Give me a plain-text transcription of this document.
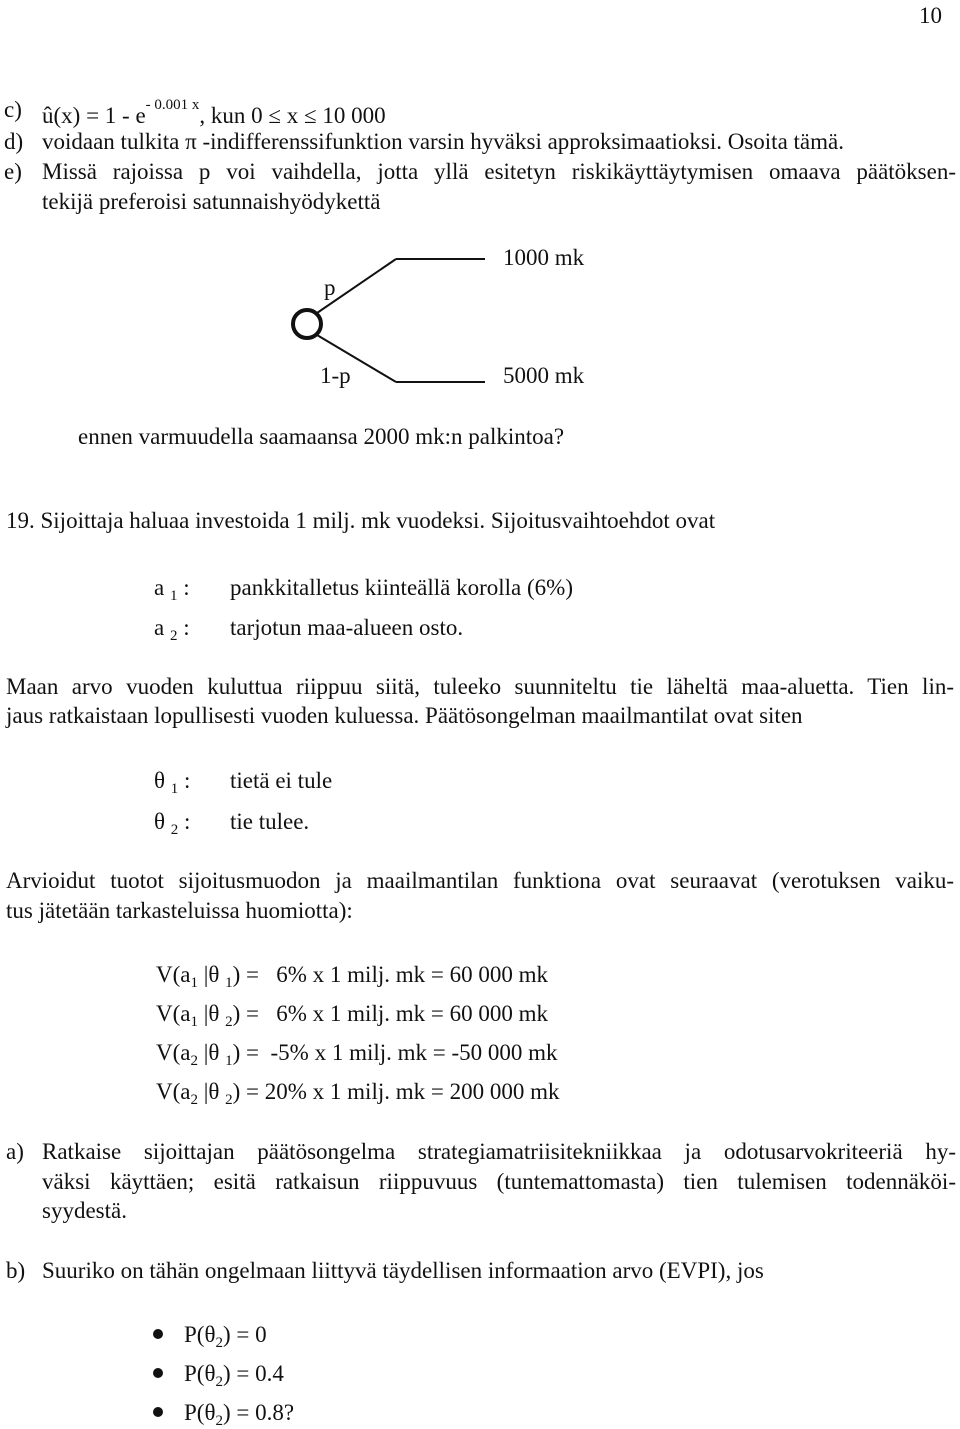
10
c) û(x) = $1 - e^{- 0.001 x}$, kun 0 ≤ x ≤ 10 000
d) voidaan tulkita π -indifferenssifunktion varsin hyväksi approksimaatioksi. Osoita tämä.
e) Missä rajoissa p voi vaihdella, jotta yllä esitetyn riskikäyttäytymisen omaava päätöksen-
tekijä preferoisi satunnaishyödykettä
p
1-p
1000 mk
5000 mk
ennen varmuudella saamaansa 2000 mk:n palkintoa?
19. Sijoittaja haluaa investoida 1 milj. mk vuodeksi. Sijoitusvaihtoehdot ovat
a $_1$ : pankkitalletus kiinteällä korolla (6%)
a $_2$ : tarjotun maa-alueen osto.
Maan arvo vuoden kuluttua riippuu siitä, tuleeko suunniteltu tie läheltä maa-aluetta. Tien lin-
jaus ratkaistaan lopullisesti vuoden kuluessa. Päätösongelman maailmantilat ovat siten
θ $_1$ : tietä ei tule
θ $_2$ : tie tulee.
Arvioidut tuotot sijoitusmuodon ja maailmantilan funktiona ovat seuraavat (verotuksen vaiku-
tus jätetään tarkasteluissa huomiotta):
$V(a_1$ |θ $_1$) =   6% x 1 milj. mk = 60 000 mk
$V(a_1$ |θ $_2$) =   6% x 1 milj. mk = 60 000 mk
$V(a_2$ |θ $_1$) =  -5% x 1 milj. mk = -50 000 mk
$V(a_2$ |θ $_2$) = 20% x 1 milj. mk = 200 000 mk
a) Ratkaise sijoittajan päätösongelma strategiamatriisitekniikkaa ja odotusarvokriteeriä hy-
väksi käyttäen; esitä ratkaisun riippuvuus (tuntemattomasta) tien tulemisen todennäköi-
syydestä.
b) Suuriko on tähän ongelmaan liittyvä täydellisen informaation arvo (EVPI), jos
$P(\theta_2) = 0$
$P(\theta_2) = 0.4$
$P(\theta_2) = 0.8$?
